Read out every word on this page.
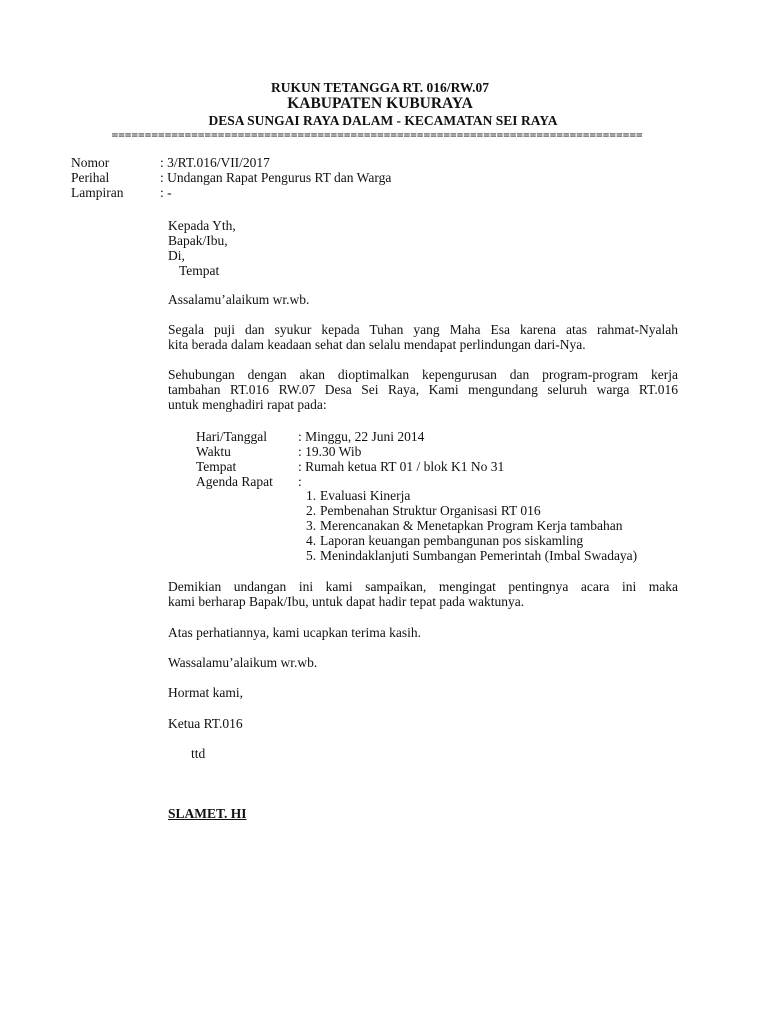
RUKUN TETANGGA RT. 016/RW.07
KABUPATEN KUBURAYA
DESA SUNGAI RAYA DALAM - KECAMATAN SEI RAYA
================================================================================
Nomor	: 3/RT.016/VII/2017
Perihal	: Undangan Rapat Pengurus RT dan Warga
Lampiran	: -
Kepada Yth,
Bapak/Ibu,
Di,
Tempat
Assalamu’alaikum wr.wb.
Segala puji dan syukur kepada Tuhan yang Maha Esa karena atas rahmat-Nyalah
kita berada dalam keadaan sehat dan selalu mendapat perlindungan dari-Nya.
Sehubungan dengan akan dioptimalkan kepengurusan dan program-program kerja
tambahan RT.016 RW.07 Desa Sei Raya, Kami mengundang seluruh warga RT.016
untuk menghadiri rapat pada:
Hari/Tanggal	: Minggu, 22 Juni 2014
Waktu	: 19.30 Wib
Tempat	: Rumah ketua RT 01 / blok K1 No 31
Agenda Rapat	:
1. Evaluasi Kinerja
2. Pembenahan Struktur Organisasi RT 016
3. Merencanakan & Menetapkan Program Kerja tambahan
4. Laporan keuangan pembangunan pos siskamling
5. Menindaklanjuti Sumbangan Pemerintah (Imbal Swadaya)
Demikian undangan ini kami sampaikan, mengingat pentingnya acara ini maka
kami berharap Bapak/Ibu, untuk dapat hadir tepat pada waktunya.
Atas perhatiannya, kami ucapkan terima kasih.
Wassalamu’alaikum wr.wb.
Hormat kami,
Ketua RT.016
ttd
SLAMET. HI
